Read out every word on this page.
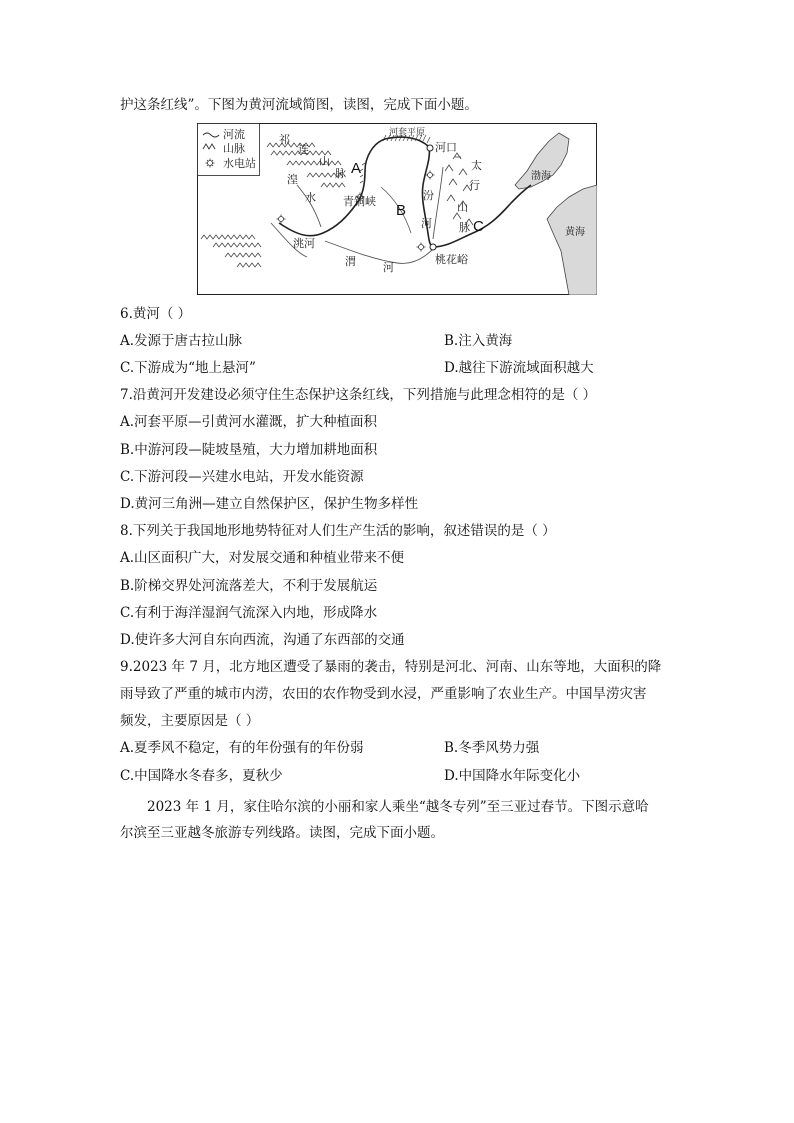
护这条红线”。下图为黄河流域简图，读图，完成下面小题。
河流
山脉
水电站
祁
连
山
脉
湟
水
河套平原
河口
A
青铜峡
B
汾
河
太
行
山
脉 C
渤海
黄海
洮河
渭 河
桃花峪
6.黄河（ ）
A.发源于唐古拉山脉	B.注入黄海
C.下游成为“地上悬河”	D.越往下游流域面积越大
7.沿黄河开发建设必须守住生态保护这条红线，下列措施与此理念相符的是（ ）
A.河套平原—引黄河水灌溉，扩大种植面积
B.中游河段—陡坡垦殖，大力增加耕地面积
C.下游河段—兴建水电站，开发水能资源
D.黄河三角洲—建立自然保护区，保护生物多样性
8.下列关于我国地形地势特征对人们生产生活的影响，叙述错误的是（ ）
A.山区面积广大，对发展交通和种植业带来不便
B.阶梯交界处河流落差大，不利于发展航运
C.有利于海洋湿润气流深入内地，形成降水
D.使许多大河自东向西流，沟通了东西部的交通
9.2023 年 7 月，北方地区遭受了暴雨的袭击，特别是河北、河南、山东等地，大面积的降
雨导致了严重的城市内涝，农田的农作物受到水浸，严重影响了农业生产。中国旱涝灾害
频发，主要原因是（ ）
A.夏季风不稳定，有的年份强有的年份弱	B.冬季风势力强
C.中国降水冬春多，夏秋少	D.中国降水年际变化小
2023 年 1 月，家住哈尔滨的小丽和家人乘坐“越冬专列”至三亚过春节。下图示意哈
尔滨至三亚越冬旅游专列线路。读图，完成下面小题。
